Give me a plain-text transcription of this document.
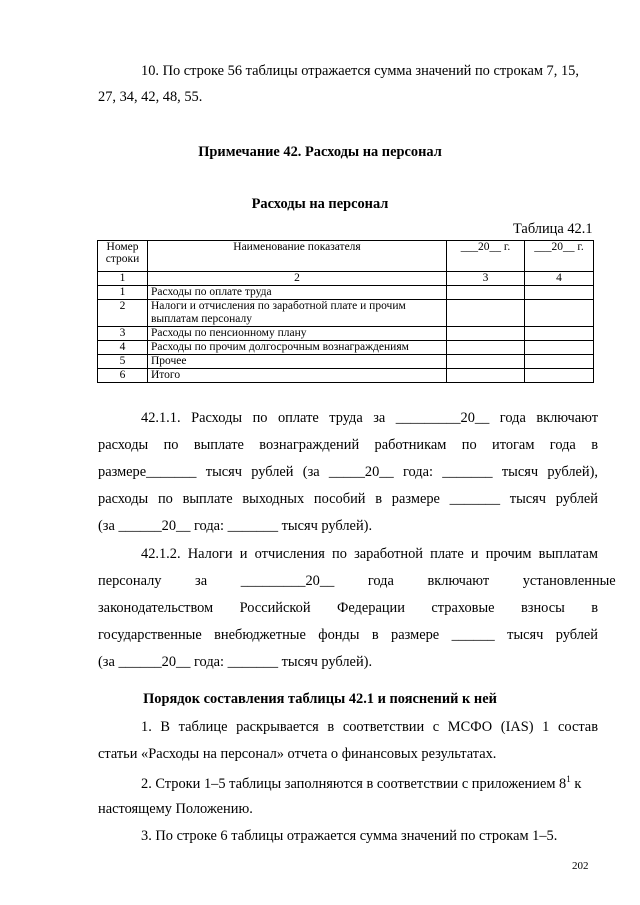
10. По строке 56 таблицы отражается сумма значений по строкам 7, 15,
27, 34, 42, 48, 55.
Примечание 42. Расходы на персонал
Расходы на персонал
Таблица 42.1
Номер
строки	Наименование показателя	___20__ г.	___20__ г.
1	2	3	4
1	Расходы по оплате труда		
2	Налоги и отчисления по заработной плате и прочим
выплатам персоналу		
3	Расходы по пенсионному плану		
4	Расходы по прочим долгосрочным вознаграждениям		
5	Прочее		
6	Итого		
42.1.1. Расходы по оплате труда за _________20__ года включают
расходы по выплате вознаграждений работникам по итогам года в
размере_______ тысяч рублей (за _____20__ года: _______ тысяч рублей),
расходы по выплате выходных пособий в размере _______ тысяч рублей
(за ______20__ года: _______ тысяч рублей).
42.1.2. Налоги и отчисления по заработной плате и прочим выплатам
персоналу за _________20__ года включают установленные
законодательством Российской Федерации страховые взносы в
государственные внебюджетные фонды в размере ______ тысяч рублей
(за ______20__ года: _______ тысяч рублей).
Порядок составления таблицы 42.1 и пояснений к ней
1. В таблице раскрывается в соответствии с МСФО (IAS) 1 состав
статьи «Расходы на персонал» отчета о финансовых результатах.
2. Строки 1–5 таблицы заполняются в соответствии с приложением $8^1$ к
настоящему Положению.
3. По строке 6 таблицы отражается сумма значений по строкам 1–5.
202
